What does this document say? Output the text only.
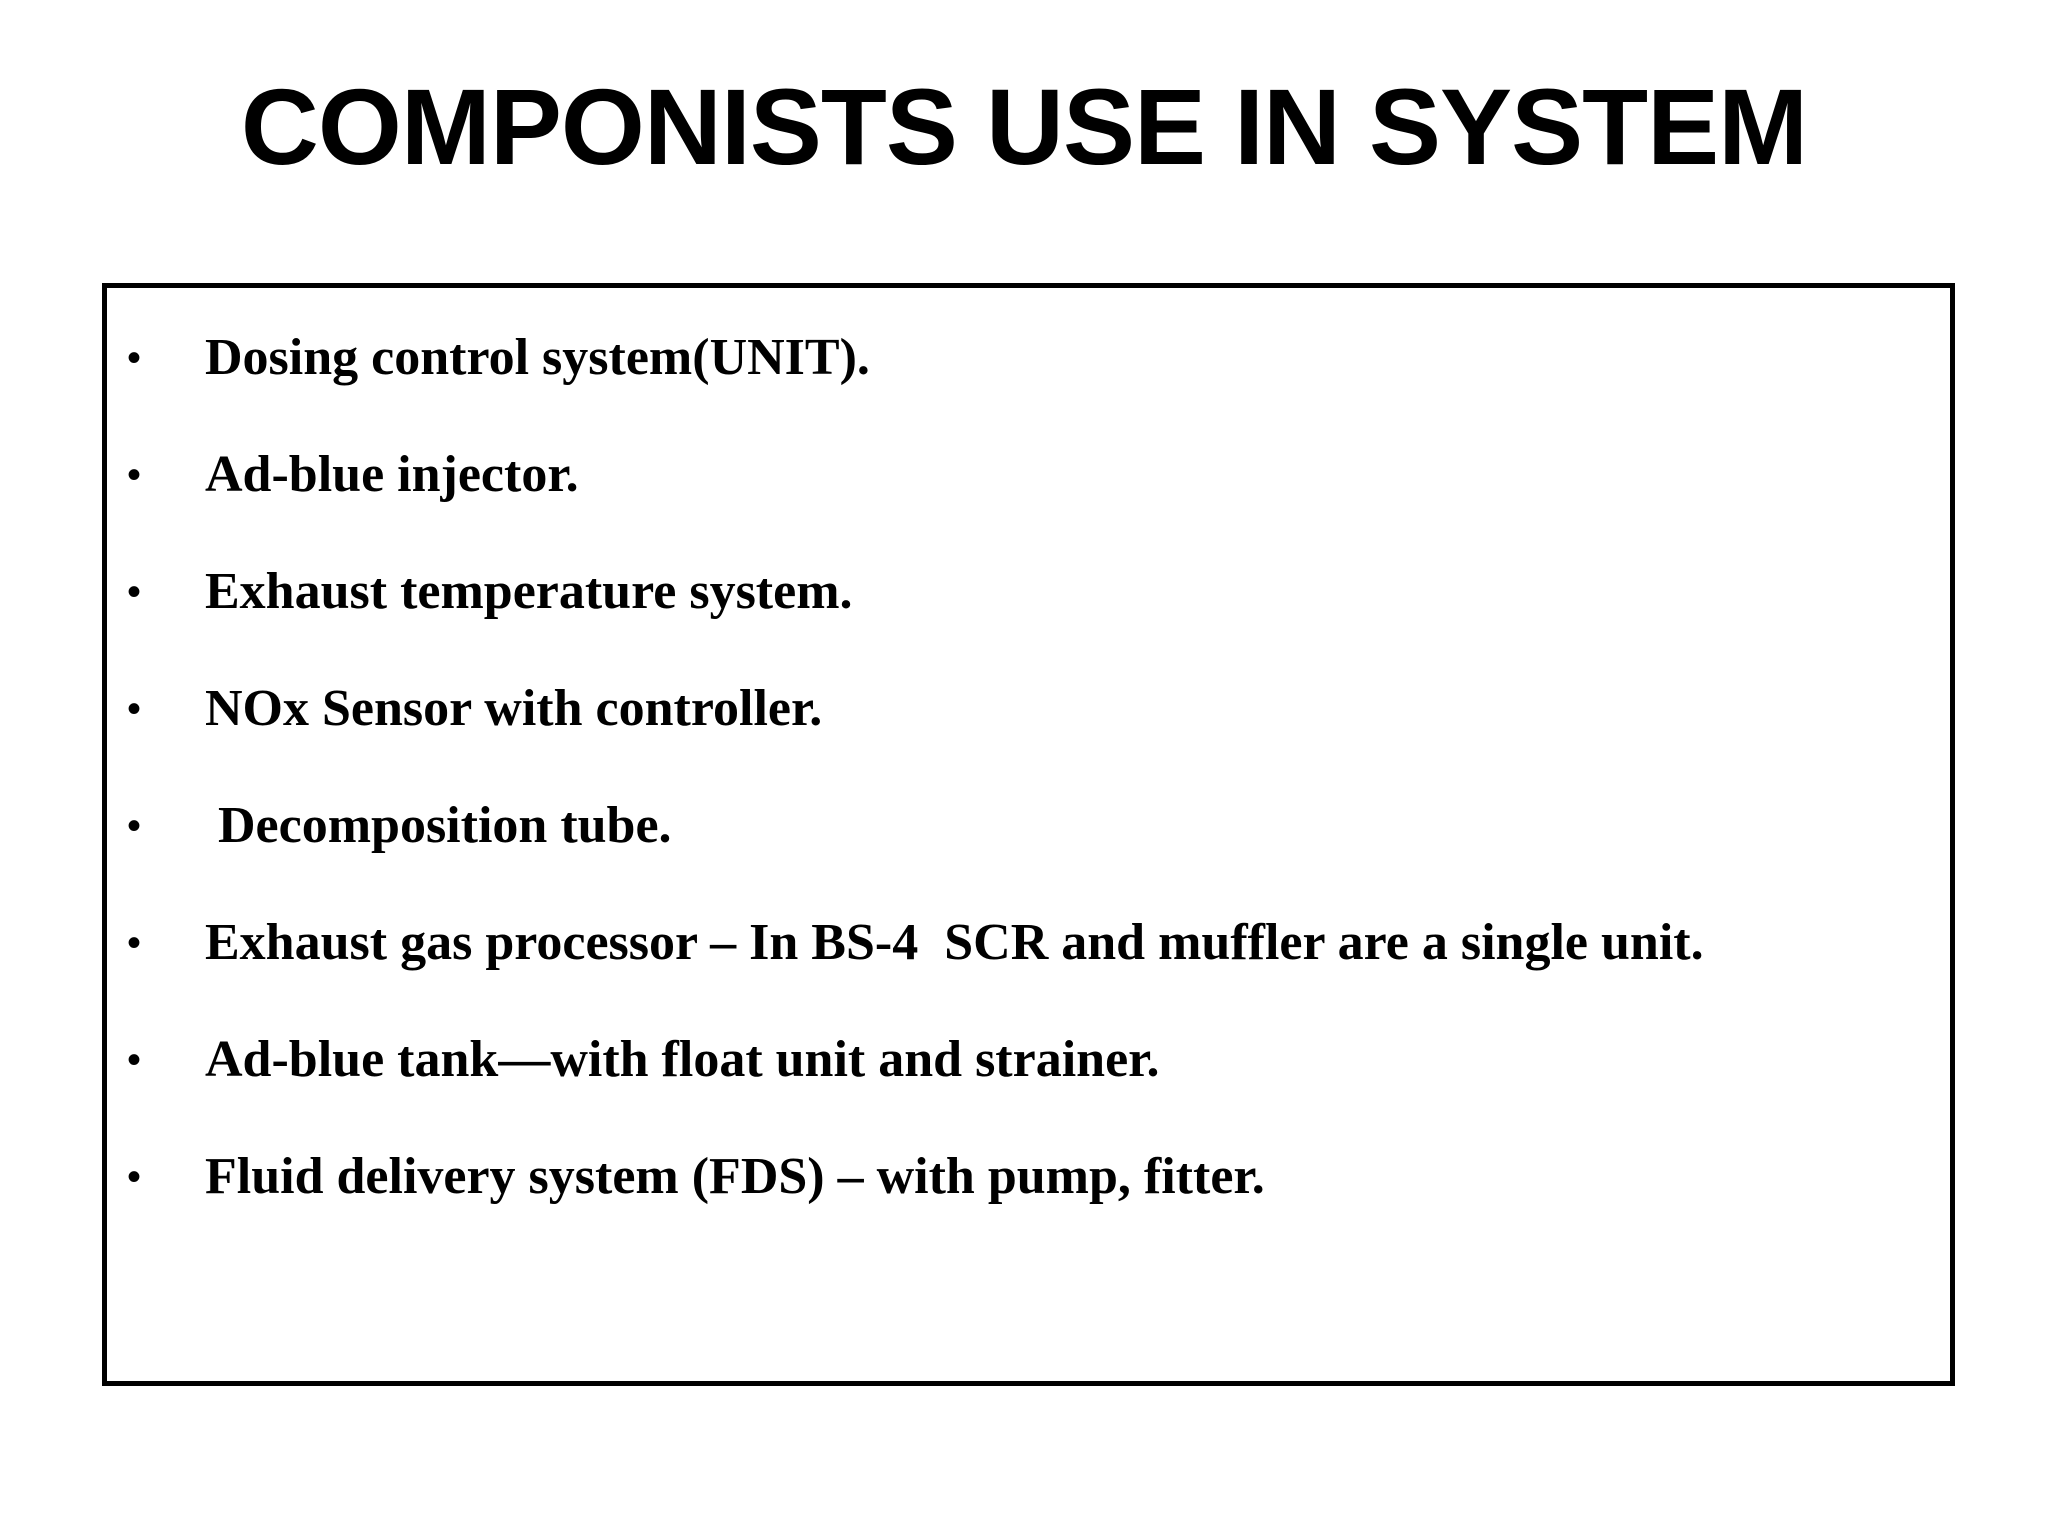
COMPONISTS USE IN SYSTEM
•	Dosing control system(UNIT).
•	Ad-blue injector.
•	Exhaust temperature system.
•	NOx Sensor with controller.
•	Decomposition tube.
•	Exhaust gas processor – In BS-4  SCR and muffler are a single unit.
•	Ad-blue tank—with float unit and strainer.
•	Fluid delivery system (FDS) – with pump, fitter.
